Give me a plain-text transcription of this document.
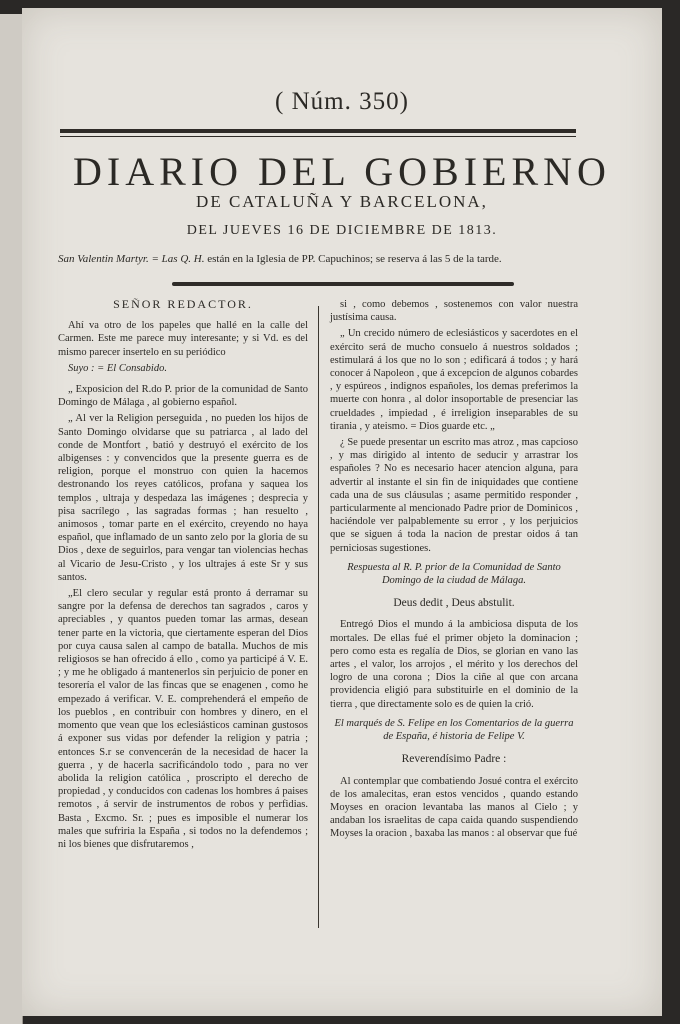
( Núm. 350)
DIARIO DEL GOBIERNO
DE CATALUÑA Y BARCELONA,
DEL JUEVES 16 DE DICIEMBRE DE 1813.
San Valentin Martyr. = Las Q. H. están en la Iglesia de PP. Capuchinos; se reserva á las 5 de la tarde.
SEÑOR REDACTOR.

Ahí va otro de los papeles que hallé en la calle del Carmen. Este me parece muy interesante; y si Vd. es del mismo parecer insertelo en su periódico

Suyo : = El Consabido.

„ Exposicion del R.do P. prior de la comunidad de Santo Domingo de Málaga , al gobierno español.

„ Al ver la Religion perseguida , no pueden los hijos de Santo Domingo olvidarse que su patriarca , al lado del conde de Montfort , batió y destruyó el exército de los albigenses : y convencidos que la presente guerra es de religion, porque el monstruo con quien la hacemos destronando los reyes católicos, profana y saquea los templos , ultraja y despedaza las imágenes ; desprecia y pisa sacrílego , las sagradas formas ; han resuelto , animosos , tomar parte en el exército, creyendo no haya español, que inflamado de un santo zelo por la gloria de su Dios , dexe de seguirlos, para vengar tan violencias hechas al Vicario de Jesu-Cristo , y los ultrajes á este Sr y sus santos.

„El clero secular y regular está pronto á derramar su sangre por la defensa de derechos tan sagrados , caros y apreciables , y quantos pueden tomar las armas, desean tener parte en la victoria, que ciertamente esperan del Dios por cuya causa salen al campo de batalla. Muchos de mis religiosos se han ofrecido á ello , como ya participé á V. E. ; y me he obligado á mantenerlos sin perjuicio de poner en tesorería el valor de las fincas que se enagenen , como he empezado á verificar. V. E. comprehenderá el empeño de los pueblos , en contribuir con hombres y dinero, en el momento que vean que los eclesiásticos caminan gustosos á exponer sus vidas por defender la religion y patria ; entonces S.r se convencerán de la necesidad de hacer la guerra , y de hacerla sacrificándolo todo , para no ver abolida la religion católica , proscripto el derecho de propiedad , y conducidos con cadenas los hombres á paises remotos , á servir de instrumentos de robos y perfidias. Basta , Excmo. Sr. ; pues es imposible el numerar los males que sufriria la España , si todos no la defendemos ; ni los bienes que disfrutaremos ,

si , como debemos , sostenemos con valor nuestra justísima causa.

„ Un crecido número de eclesiásticos y sacerdotes en el exército será de mucho consuelo á nuestros soldados ; estimulará á los que no lo son ; edificará á todos ; y hará conocer á Napoleon , que á excepcion de algunos cobardes , y espúreos , indignos españoles, los demas preferimos la muerte con honra , al dolor insoportable de presenciar las crueldades , impiedad , é irreligion inseparables de su tirania , y ateismo. = Dios guarde etc. „

¿ Se puede presentar un escrito mas atroz , mas capcioso , y mas dirigido al intento de seducir y arrastrar los españoles ? No es necesario hacer atencion alguna, para advertir al instante el sin fin de iniquidades que contiene cada una de sus cláusulas ; asame permitido responder , particularmente al mencionado Padre prior de Dominicos , haciéndole ver palpablemente su error , y los perjuicios que se siguen á toda la nacion de prestar oidos á tan perniciosas sugestiones.

Respuesta al R. P. prior de la Comunidad de Santo Domingo de la ciudad de Málaga.

Deus dedit , Deus abstulit.

Entregó Dios el mundo á la ambiciosa disputa de los mortales. De ellas fué el primer objeto la dominacion ; pero como esta es regalía de Dios, se glorian en vano las artes , el valor, los arrojos , el mérito y los derechos del logro de una corona ; Dios la ciñe al que con arcana providencia eligió para substituirle en el dominio de la tierra , que directamente solo es de quien la crió.

El marqués de S. Felipe en los Comentarios de la guerra de España, é historia de Felipe V.

Reverendísimo Padre :

Al contemplar que combatiendo Josué contra el exército de los amalecitas, eran estos vencidos , quando estando Moyses en oracion levantaba las manos al Cielo ; y andaban los israelitas de capa caida quando suspendiendo Moyses la oracion , baxaba las manos : al observar que fué
